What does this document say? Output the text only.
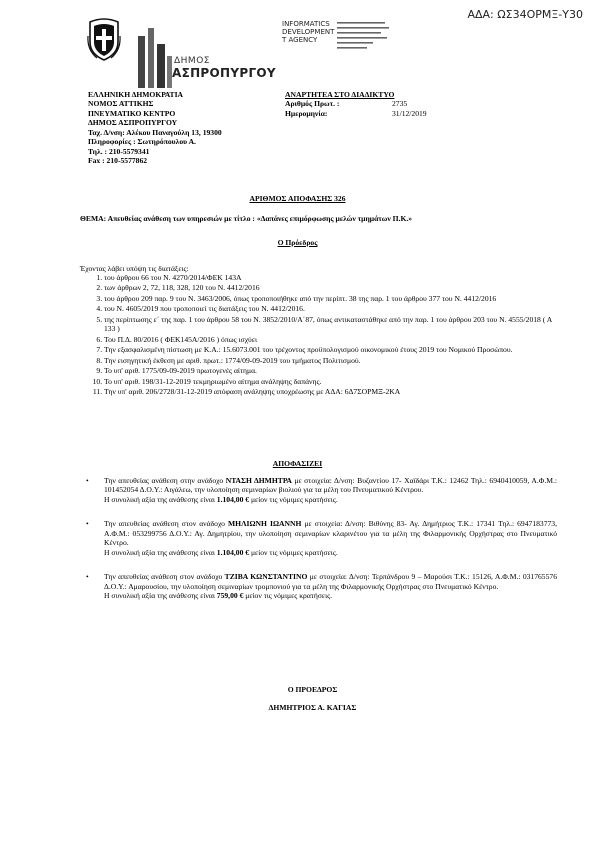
ΑΔΑ: ΩΣ34ΟΡΜΞ-Υ30
ΔΗΜΟΣ
ΑΣΠΡΟΠΥΡΓΟΥ
INFORMATICS
DEVELOPMENT
T AGENCY
ΕΛΛΗΝΙΚΗ ΔΗΜΟΚΡΑΤΙΑ
ΝΟΜΟΣ ΑΤΤΙΚΗΣ
ΠΝΕΥΜΑΤΙΚΟ ΚΕΝΤΡΟ
ΔΗΜΟΣ ΑΣΠΡΟΠΥΡΓΟΥ
Ταχ. Δ/νση: Αλέκου Παναγούλη 13, 19300
Πληροφορίες : Σωτηρόπουλου Α.
Τηλ. : 210-5579341
Fax : 210-5577862
ΑΝΑΡΤΗΤΕΑ ΣΤΟ ΔΙΑΔΙΚΤΥΟ
Αριθμός Πρωτ. :	2735
Ημερομηνία:	31/12/2019
ΑΡΙΘΜΟΣ ΑΠΟΦΑΣΗΣ 326
ΘΕΜΑ: Απευθείας ανάθεση των υπηρεσιών με τίτλο : «Δαπάνες επιμόρφωσης μελών τμημάτων Π.Κ.»
Ο Πρόεδρος
Έχοντας λάβει υπόψη τις διατάξεις:
1. του άρθρου 66 του Ν. 4270/2014/ΦΕΚ 143Α
2. των άρθρων 2, 72, 118, 328, 120 του Ν. 4412/2016
3. του άρθρου 209 παρ. 9 του Ν. 3463/2006, όπως τροποποιήθηκε από την περίπτ. 38 της παρ. 1 του άρθρου 377 του Ν. 4412/2016
4. του Ν. 4605/2019 που τροποποιεί τις διατάξεις του Ν. 4412/2016.
5. της περίπτωσης ε΄ της παρ. 1 του άρθρου 58 του Ν. 3852/2010/Α΄87, όπως αντικαταστάθηκε από την παρ. 1 του άρθρου 203 του Ν. 4555/2018 ( Α 133 )
6. Του Π.Δ. 80/2016 ( ΦΕΚ145Α/2016 ) όπως ισχύει
7. Την εξασφαλισμένη πίστωση με Κ.Α.: 15.6073.001 του τρέχοντος προϋπολογισμού οικονομικού έτους 2019 του Νομικού Προσώπου.
8. Την εισηγητική έκθεση με αριθ. πρωτ.: 1774/09-09-2019 του τμήματος Πολιτισμού.
9. Το υπ' αριθ. 1775/09-09-2019 πρωτογενές αίτημα.
10. Το υπ' αριθ. 198/31-12-2019 τεκμηριωμένο αίτημα ανάληψης δαπάνης.
11. Την υπ' αριθ. 206/2728/31-12-2019 απόφαση ανάληψης υποχρέωσης με ΑΔΑ: 6Δ7ΣΟΡΜΞ-2ΚΑ
ΑΠΟΦΑΣΙΖΕΙ
• Την απευθείας ανάθεση στην ανάδοχο ΝΤΑΣΗ ΔΗΜΗΤΡΑ με στοιχεία: Δ/νση: Βυζαντίου 17- Χαϊδάρι Τ.Κ.: 12462 Τηλ.: 6940410059, Α.Φ.Μ.: 101452054 Δ.Ο.Υ.: Αιγάλεω, την υλοποίηση σεμιναρίων βιολιού για τα μέλη του Πνευματικού Κέντρου.
Η συνολική αξία της ανάθεσης είναι 1.104,00 € μείον τις νόμιμες κρατήσεις.
• Την απευθείας ανάθεση στον ανάδοχο ΜΗΛΙΩΝΗ ΙΩΑΝΝΗ με στοιχεία: Δ/νση: Βιθύνης 83- Αγ. Δημήτριος Τ.Κ.: 17341 Τηλ.: 6947183773, Α.Φ.Μ.: 053299756 Δ.Ο.Υ.: Αγ. Δημητρίου, την υλοποίηση σεμιναρίων κλαρινέτου για τα μέλη της Φιλαρμονικής Ορχήστρας στο Πνευματικό Κέντρο.
Η συνολική αξία της ανάθεσης είναι 1.104,00 € μείον τις νόμιμες κρατήσεις.
• Την απευθείας ανάθεση στον ανάδοχο ΤΖΙΒΑ ΚΩΝΣΤΑΝΤΙΝΟ με στοιχεία: Δ/νση: Τερπάνδρου 9 – Μαρούσι Τ.Κ.: 15126, Α.Φ.Μ.: 031765576 Δ.Ο.Υ.: Αμαρουσίου, την υλοποίηση σεμιναρίων τρομπονιού για τα μέλη της Φιλαρμονικής Ορχήστρας στο Πνευματικό Κέντρο.
Η συνολική αξία της ανάθεσης είναι 759,00 € μείον τις νόμιμες κρατήσεις.
Ο ΠΡΟΕΔΡΟΣ
ΔΗΜΗΤΡΙΟΣ Α. ΚΑΓΙΑΣ
